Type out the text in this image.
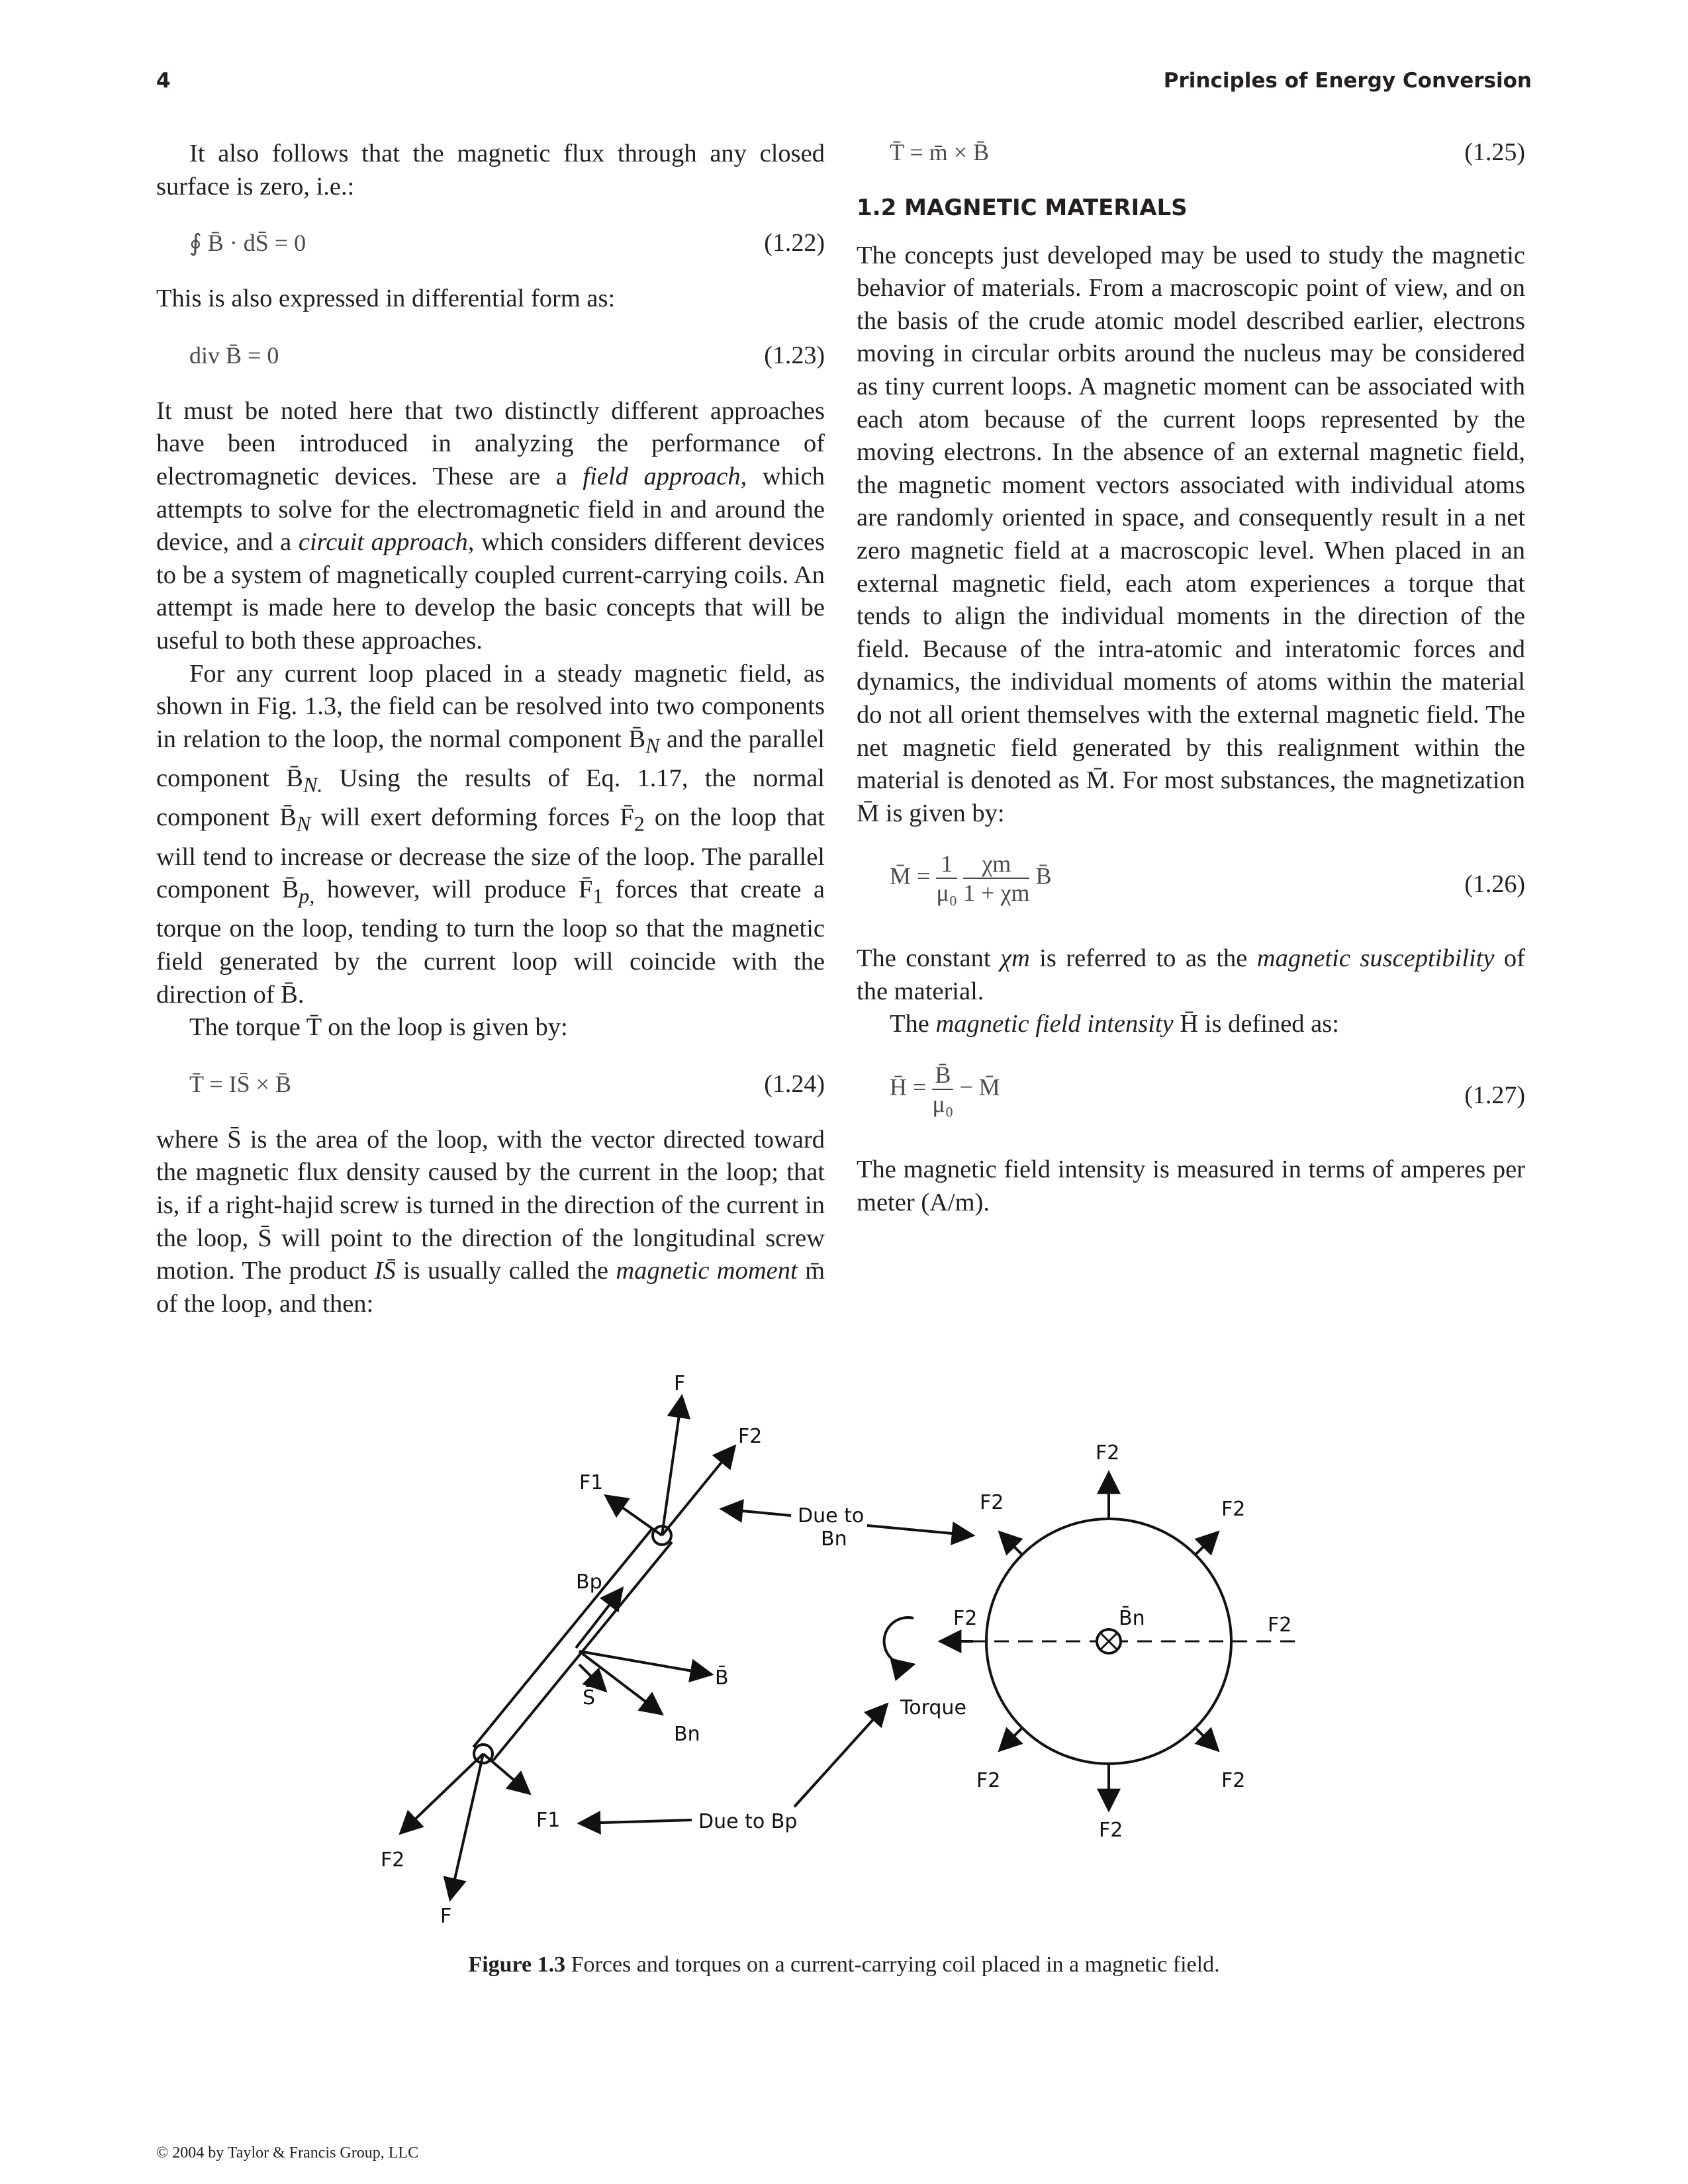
4	Principles of Energy Conversion

It also follows that the magnetic flux through any closed surface is zero, i.e.:

∮ B̄ · dS̄ = 0	(1.22)

This is also expressed in differential form as:

div B̄ = 0	(1.23)

It must be noted here that two distinctly different approaches have been introduced in analyzing the performance of electromagnetic devices. These are a field approach, which attempts to solve for the electromagnetic field in and around the device, and a circuit approach, which considers different devices to be a system of magnetically coupled current-carrying coils. An attempt is made here to develop the basic concepts that will be useful to both these approaches.

For any current loop placed in a steady magnetic field, as shown in Fig. 1.3, the field can be resolved into two components in relation to the loop, the normal component $B̄_N$ and the parallel component $B̄_{N.}$ Using the results of Eq. 1.17, the normal component $B̄_N$ will exert deforming forces $F̄_2$ on the loop that will tend to increase or decrease the size of the loop. The parallel component $B̄_{p,}$ however, will produce $F̄_1$ forces that create a torque on the loop, tending to turn the loop so that the magnetic field generated by the current loop will coincide with the direction of B̄.

The torque T̄ on the loop is given by:

T̄ = IS̄ × B̄	(1.24)

where S̄ is the area of the loop, with the vector directed toward the magnetic flux density caused by the current in the loop; that is, if a right-hajid screw is turned in the direction of the current in the loop, S̄ will point to the direction of the longitudinal screw motion. The product IS̄ is usually called the magnetic moment m̄ of the loop, and then:

T̄ = m̄ × B̄	(1.25)
1.2 MAGNETIC MATERIALS

The concepts just developed may be used to study the magnetic behavior of materials. From a macroscopic point of view, and on the basis of the crude atomic model described earlier, electrons moving in circular orbits around the nucleus may be considered as tiny current loops. A magnetic moment can be associated with each atom because of the current loops represented by the moving electrons. In the absence of an external magnetic field, the magnetic moment vectors associated with individual atoms are randomly oriented in space, and consequently result in a net zero magnetic field at a macroscopic level. When placed in an external magnetic field, each atom experiences a torque that tends to align the individual moments in the direction of the field. Because of the intra-atomic and interatomic forces and dynamics, the individual moments of atoms within the material do not all orient themselves with the external magnetic field. The net magnetic field generated by this realignment within the material is denoted as M̄. For most substances, the magnetization M̄ is given by:

M̄ = $\frac{1}{\text{μ₀}}$
$\frac{\chi m}{1 + \chi m}$ B̄	(1.26)

The constant χm is referred to as the magnetic susceptibility of the material.

The magnetic field intensity H̄ is defined as:

H̄ = $\frac{B̄}{\text{μ₀}}$ − M̄	(1.27)

The magnetic field intensity is measured in terms of amperes per meter (A/m).

F
F2
F1
Bp
B̄
S̄
Bn
F1
F2
F
Due to
Bn
Due to Bp
Torque
F2
F2	F2
F2	B̄n	F2
F2	F2
F2
Figure 1.3 Forces and torques on a current-carrying coil placed in a magnetic field.
© 2004 by Taylor & Francis Group, LLC
